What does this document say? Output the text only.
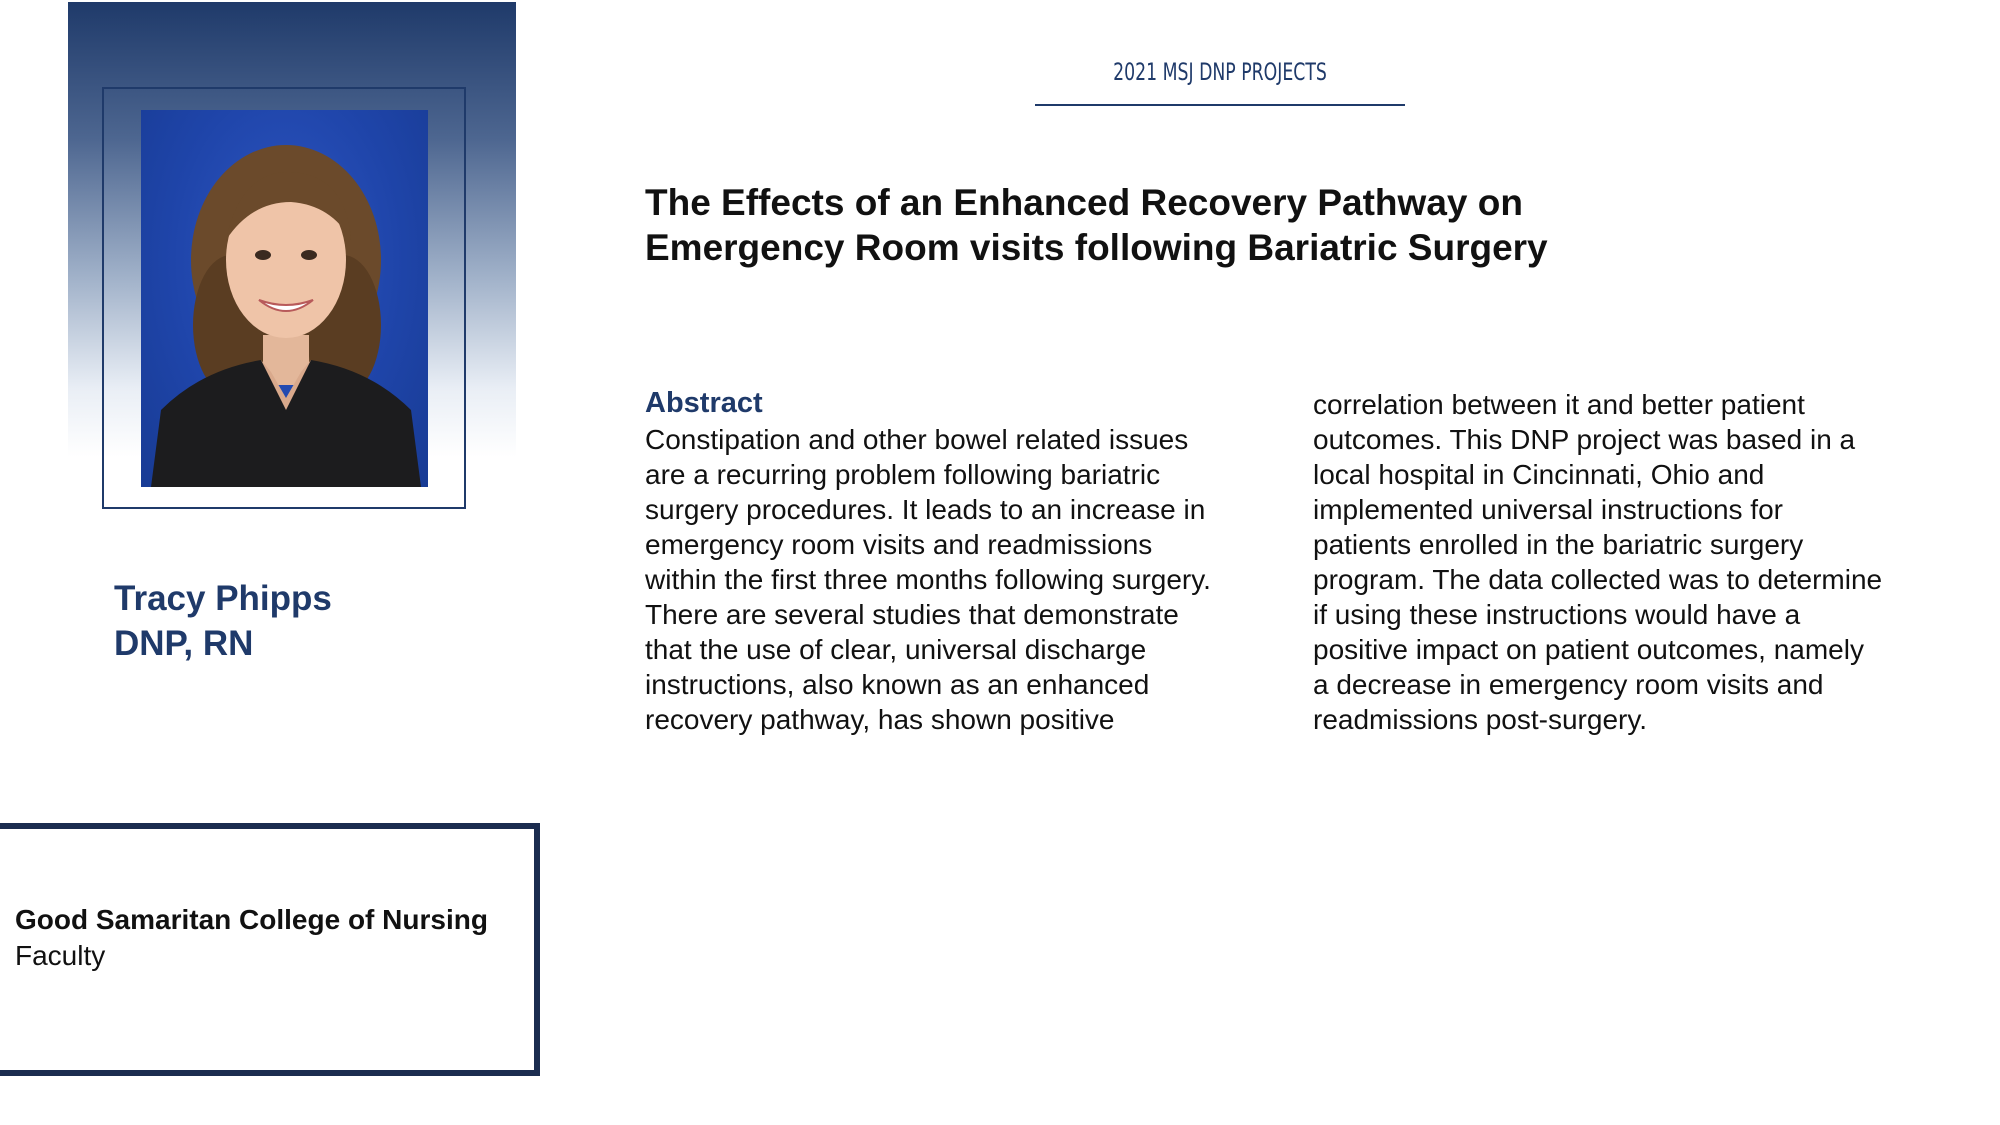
Tracy Phipps
DNP, RN
Good Samaritan College of Nursing
Faculty
2021 MSJ DNP PROJECTS
The Effects of an Enhanced Recovery Pathway on
Emergency Room visits following Bariatric Surgery
Abstract
Constipation and other bowel related issues
are a recurring problem following bariatric
surgery procedures. It leads to an increase in
emergency room visits and readmissions
within the first three months following surgery.
There are several studies that demonstrate
that the use of clear, universal discharge
instructions, also known as an enhanced
recovery pathway, has shown positive
correlation between it and better patient
outcomes. This DNP project was based in a
local hospital in Cincinnati, Ohio and
implemented universal instructions for
patients enrolled in the bariatric surgery
program. The data collected was to determine
if using these instructions would have a
positive impact on patient outcomes, namely
a decrease in emergency room visits and
readmissions post-surgery.
